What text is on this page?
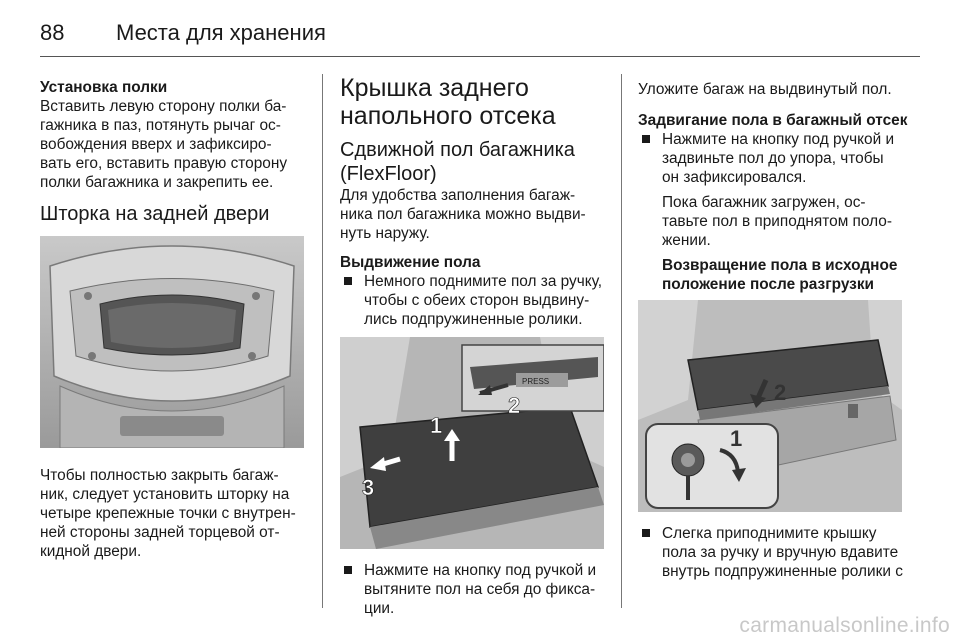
88 Места для хранения

Установка полки

Вставить левую сторону полки ба-
гажника в паз, потянуть рычаг ос-
вобождения вверх и зафиксиро-
вать его, вставить правую сторону
полки багажника и закрепить ее.

Шторка на задней двери

Чтобы полностью закрыть багаж-
ник, следует установить шторку на
четыре крепежные точки с внутрен-
ней стороны задней торцевой от-
кидной двери.
Крышка заднего
напольного отсека
Сдвижной пол багажника
(FlexFloor)
Для удобства заполнения багаж-
ника пол багажника можно выдви-
нуть наружу.

Выдвижение пола

Немного поднимите пол за ручку,
чтобы с обеих сторон выдвину-
лись подпружиненные ролики.
PRESS
1
2
3
Нажмите на кнопку под ручкой и
вытяните пол на себя до фикса-
ции.

Уложите багаж на выдвинутый пол.

Задвигание пола в багажный отсек

Нажмите на кнопку под ручкой и
задвиньте пол до упора, чтобы
он зафиксировался.
Пока багажник загружен, ос-
тавьте пол в приподнятом поло-
жении.
Возвращение пола в исходное
положение после разгрузки
2
1
Слегка приподнимите крышку
пола за ручку и вручную вдавите
внутрь подпружиненные ролики с
carmanualsonline.info
